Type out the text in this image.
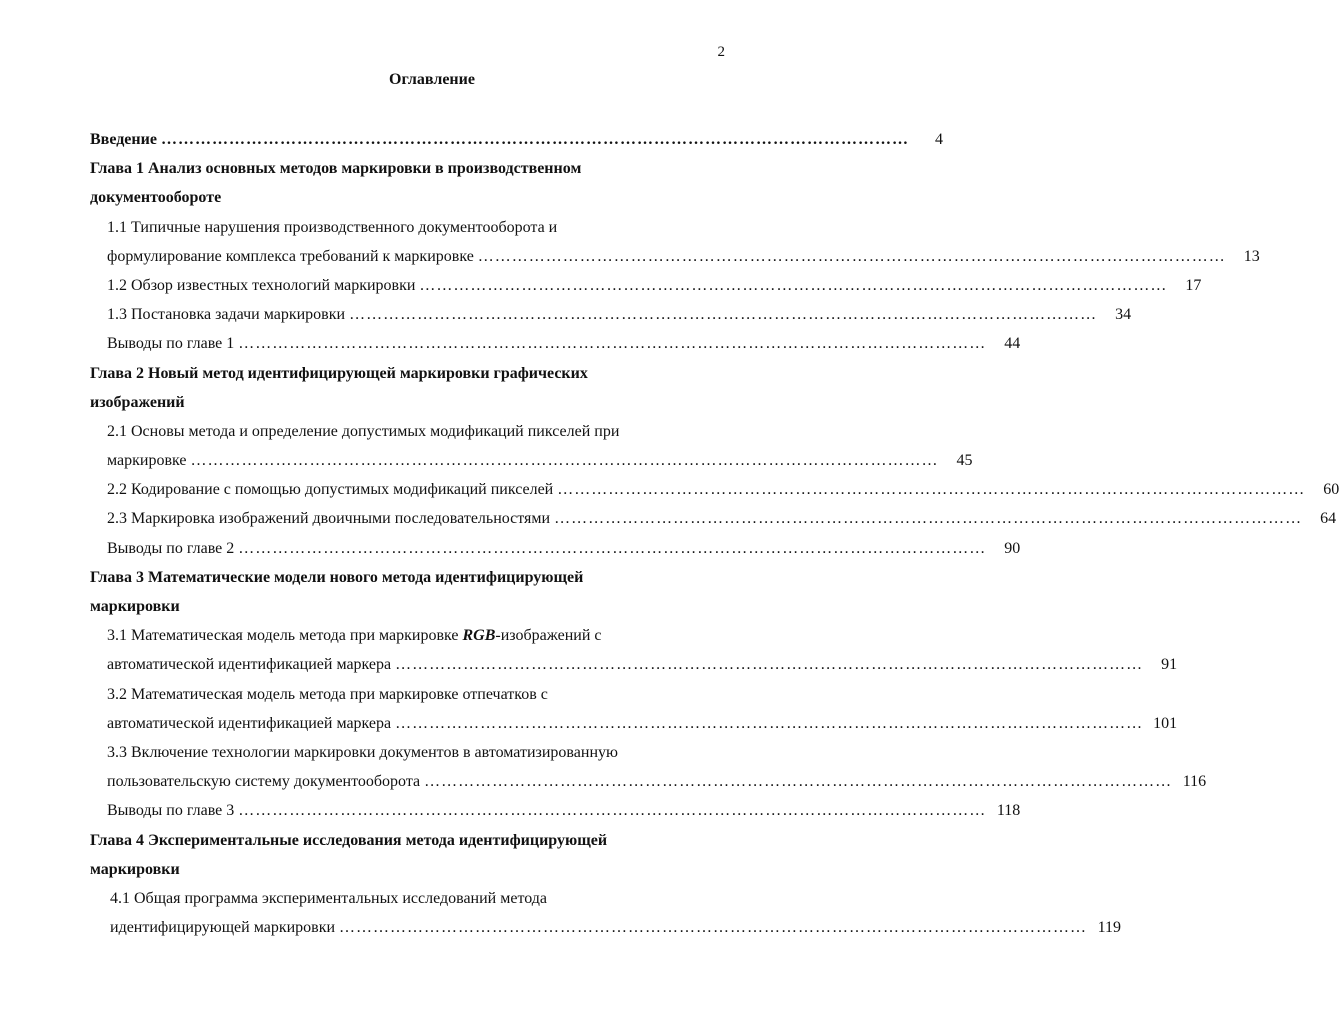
2
Оглавление
Введение ……………………………………………………………………………………………………………………	4
Глава 1 Анализ основных методов маркировки в производственном
документообороте
1.1 Типичные нарушения производственного документооборота и
формулирование комплекса требований к маркировке ……………………………………………………………………………………………………………………	13
1.2 Обзор известных технологий маркировки ……………………………………………………………………………………………………………………	17
1.3 Постановка задачи маркировки ……………………………………………………………………………………………………………………	34
Выводы по главе 1 ……………………………………………………………………………………………………………………	44
Глава 2 Новый метод идентифицирующей маркировки графических
изображений
2.1 Основы метода и определение допустимых модификаций пикселей при
маркировке ……………………………………………………………………………………………………………………	45
2.2 Кодирование с помощью допустимых модификаций пикселей ……………………………………………………………………………………………………………………	60
2.3 Маркировка изображений двоичными последовательностями ……………………………………………………………………………………………………………………	64
Выводы по главе 2 ……………………………………………………………………………………………………………………	90
Глава 3 Математические модели нового метода идентифицирующей
маркировки
3.1 Математическая модель метода при маркировке RGB-изображений с
автоматической идентификацией маркера ……………………………………………………………………………………………………………………	91
3.2 Математическая модель метода при маркировке отпечатков с
автоматической идентификацией маркера …………………………………………………………………………………………………………………… 101
3.3 Включение технологии маркировки документов в автоматизированную
пользовательскую систему документооборота …………………………………………………………………………………………………………………… 116
Выводы по главе 3 …………………………………………………………………………………………………………………… 118
Глава 4 Экспериментальные исследования метода идентифицирующей
маркировки
4.1 Общая программа экспериментальных исследований метода
идентифицирующей маркировки …………………………………………………………………………………………………………………… 119
